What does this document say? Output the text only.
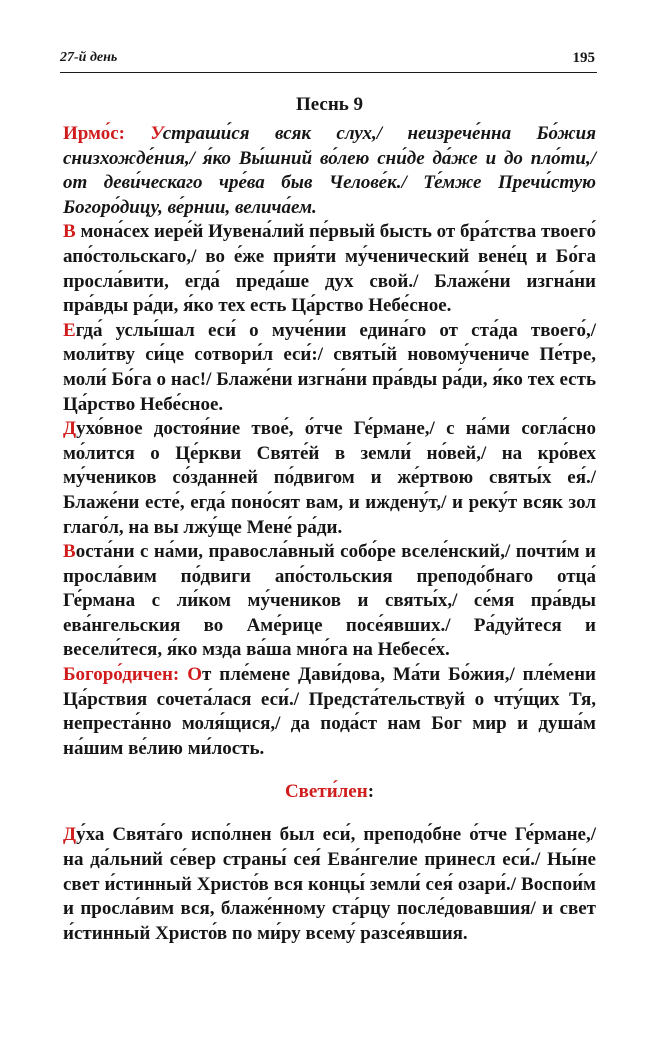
27-й день	195
Песнь 9

Ирмо́с: Устраши́ся всяк слух,/ неизрече́нна Бо́жия снизхожде́ния,/ я́ко Вы́шний во́лею сни́де да́же и до пло́ти,/ от деви́ческаго чре́ва быв Челове́к./ Те́мже Пречи́стую Богоро́дицу, ве́рнии, велича́ем.

В мона́сех иере́й Иувена́лий пе́рвый бысть от бра́тства твоего́ апо́стольскаго,/ во е́же прия́ти му́ченический вене́ц и Бо́га просла́вити, егда́ преда́ше дух свой./ Блаже́ни изгна́ни пра́вды ра́ди, я́ко тех есть Ца́рство Небе́сное.

Егда́ услы́шал еси́ о муче́нии едина́го от ста́да твоего́,/ моли́тву си́це сотвори́л еси́:/ святы́й новому́чениче Пе́тре, моли́ Бо́га о нас!/ Блаже́ни изгна́ни пра́вды ра́ди, я́ко тех есть Ца́рство Небе́сное.

Духо́вное достоя́ние твое́, о́тче Ге́рмане,/ с на́ми согла́сно мо́лится о Це́ркви Святе́й в земли́ но́вей,/ на кро́вех му́чеников со́зданней по́двигом и же́ртвою святы́х ея́./ Блаже́ни есте́, егда́ поно́сят вам, и иждену́т,/ и реку́т всяк зол глаго́л, на вы лжу́ще Мене́ ра́ди.

Воста́ни с на́ми, правосла́вный собо́ре вселе́нский,/ почти́м и просла́вим по́двиги апо́стольския преподо́бнаго отца́ Ге́рмана с ли́ком му́чеников и святы́х,/ се́мя пра́вды ева́нгельския во Аме́рице посе́явших./ Ра́дуйтеся и весели́теся, я́ко мзда ва́ша мно́га на Небесе́х.

Богоро́дичен: От пле́мене Дави́дова, Ма́ти Бо́жия,/ пле́мени Ца́рствия сочета́лася еси́./ Предста́тельствуй о чту́щих Тя, непреста́нно моля́щися,/ да пода́ст нам Бог мир и душа́м на́шим ве́лию ми́лость.

Свети́лен:

Ду́ха Свята́го испо́лнен был еси́, преподо́бне о́тче Ге́рмане,/ на да́льний се́вер страны́ сея́ Ева́нгелие принесл еси́./ Ны́не свет и́стинный Христо́в вся концы́ земли́ сея́ озари́./ Воспои́м и просла́вим вся, блаже́нному ста́рцу после́довавшия/ и свет и́стинный Христо́в по ми́ру всему́ разсе́явшия.
